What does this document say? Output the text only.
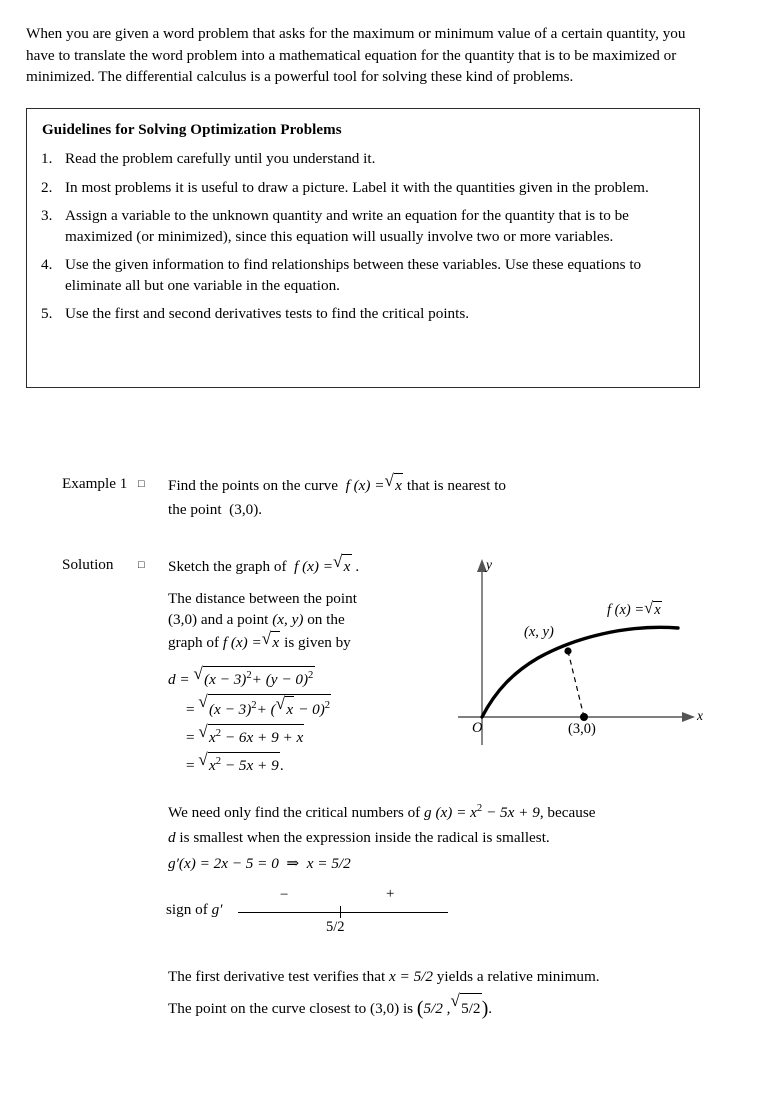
When you are given a word problem that asks for the maximum or minimum value of a certain quantity, you have to translate the word problem into a mathematical equation for the quantity that is to be maximized or minimized. The differential calculus is a powerful tool for solving these kind of problems.

Guidelines for Solving Optimization Problems
1. Read the problem carefully until you understand it.
2. In most problems it is useful to draw a picture. Label it with the quantities given in the problem.
3. Assign a variable to the unknown quantity and write an equation for the quantity that is to be maximized (or minimized), since this equation will usually involve two or more variables.
4. Use the given information to find relationships between these variables. Use these equations to eliminate all but one variable in the equation.
5. Use the first and second derivatives tests to find the critical points.
Example 1 □	Find the points on the curve f (x) = √ x that is nearest to
the point (3,0).
Solution	□	Sketch the graph of f (x) = √ x .
The distance between the point
(3,0) and a point (x, y) on the
graph of f (x) = √ x is given by
d = √ $(x - 3)^2+ (y - 0)^2$
= √ $(x - 3)^2+$ ( √ x − 0)$^2$
= √ $x^2 - 6x + 9 + x$
= √ $x^2 - 5x + 9$.
We need only find the critical numbers of g $(x) = x^2 - 5x + 9$, because
d is smallest when the expression inside the radical is smallest.
g′(x) = 2x − 5 = 0 ⇒ x = 5/2
sign of g′
−	+
5/2
The first derivative test verifies that x = 5/2 yields a relative minimum.
The point on the curve closest to (3,0) is (5/2 , √ 5/2).
y
x
O
(x, y)
(3,0)
f (x) = √ x
